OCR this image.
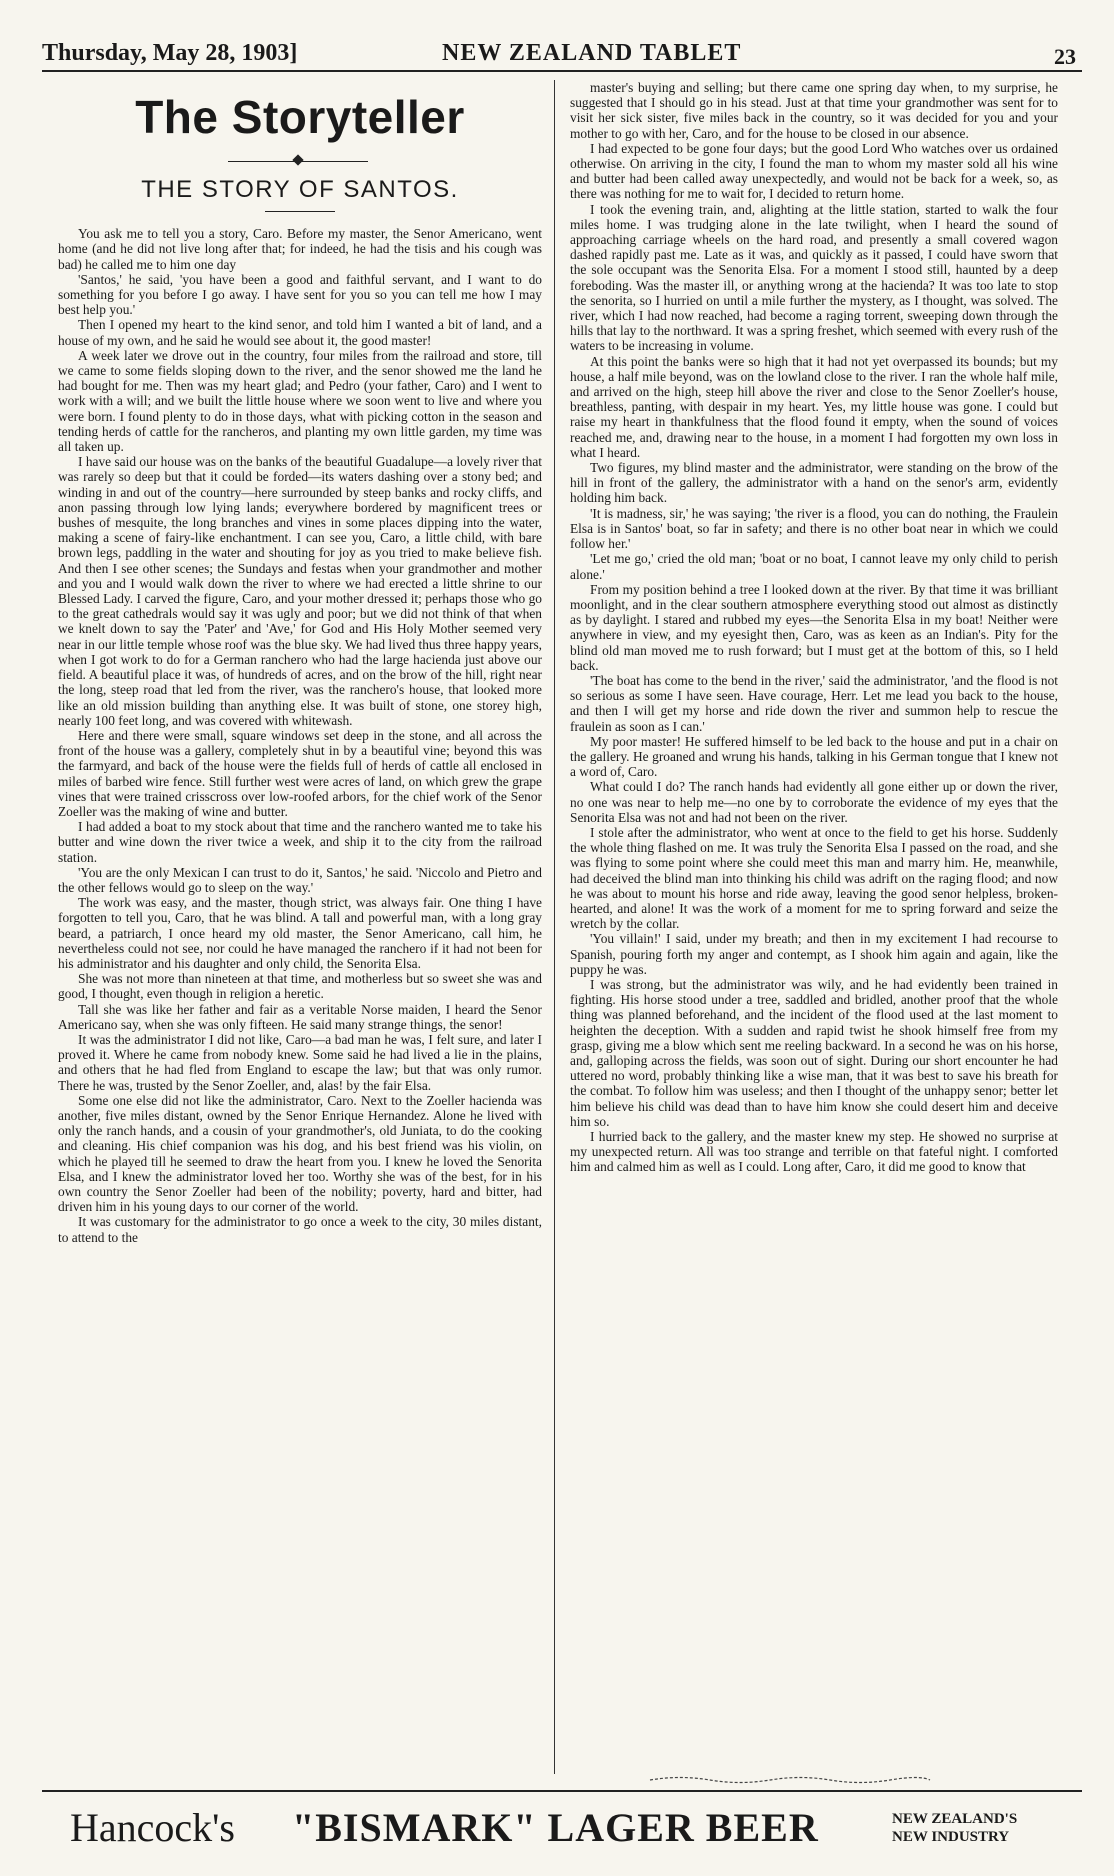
Thursday, May 28, 1903]	NEW ZEALAND TABLET	23
The Storyteller
THE STORY OF SANTOS.

You ask me to tell you a story, Caro. Before my master, the Senor Americano, went home (and he did not live long after that; for indeed, he had the tisis and his cough was bad) he called me to him one day

'Santos,' he said, 'you have been a good and faithful servant, and I want to do something for you before I go away. I have sent for you so you can tell me how I may best help you.'

Then I opened my heart to the kind senor, and told him I wanted a bit of land, and a house of my own, and he said he would see about it, the good master!

A week later we drove out in the country, four miles from the railroad and store, till we came to some fields sloping down to the river, and the senor showed me the land he had bought for me. Then was my heart glad; and Pedro (your father, Caro) and I went to work with a will; and we built the little house where we soon went to live and where you were born. I found plenty to do in those days, what with picking cotton in the season and tending herds of cattle for the rancheros, and planting my own little garden, my time was all taken up.

I have said our house was on the banks of the beautiful Guadalupe—a lovely river that was rarely so deep but that it could be forded—its waters dashing over a stony bed; and winding in and out of the country—here surrounded by steep banks and rocky cliffs, and anon passing through low lying lands; everywhere bordered by magnificent trees or bushes of mesquite, the long branches and vines in some places dipping into the water, making a scene of fairy-like enchantment. I can see you, Caro, a little child, with bare brown legs, paddling in the water and shouting for joy as you tried to make believe fish. And then I see other scenes; the Sundays and festas when your grandmother and mother and you and I would walk down the river to where we had erected a little shrine to our Blessed Lady. I carved the figure, Caro, and your mother dressed it; perhaps those who go to the great cathedrals would say it was ugly and poor; but we did not think of that when we knelt down to say the 'Pater' and 'Ave,' for God and His Holy Mother seemed very near in our little temple whose roof was the blue sky. We had lived thus three happy years, when I got work to do for a German ranchero who had the large hacienda just above our field. A beautiful place it was, of hundreds of acres, and on the brow of the hill, right near the long, steep road that led from the river, was the ranchero's house, that looked more like an old mission building than anything else. It was built of stone, one storey high, nearly 100 feet long, and was covered with whitewash.

Here and there were small, square windows set deep in the stone, and all across the front of the house was a gallery, completely shut in by a beautiful vine; beyond this was the farmyard, and back of the house were the fields full of herds of cattle all enclosed in miles of barbed wire fence. Still further west were acres of land, on which grew the grape vines that were trained crisscross over low-roofed arbors, for the chief work of the Senor Zoeller was the making of wine and butter.

I had added a boat to my stock about that time and the ranchero wanted me to take his butter and wine down the river twice a week, and ship it to the city from the railroad station.

'You are the only Mexican I can trust to do it, Santos,' he said. 'Niccolo and Pietro and the other fellows would go to sleep on the way.'

The work was easy, and the master, though strict, was always fair. One thing I have forgotten to tell you, Caro, that he was blind. A tall and powerful man, with a long gray beard, a patriarch, I once heard my old master, the Senor Americano, call him, he nevertheless could not see, nor could he have managed the ranchero if it had not been for his administrator and his daughter and only child, the Senorita Elsa.

She was not more than nineteen at that time, and motherless but so sweet she was and good, I thought, even though in religion a heretic.

Tall she was like her father and fair as a veritable Norse maiden, I heard the Senor Americano say, when she was only fifteen. He said many strange things, the senor!

It was the administrator I did not like, Caro—a bad man he was, I felt sure, and later I proved it. Where he came from nobody knew. Some said he had lived a lie in the plains, and others that he had fled from England to escape the law; but that was only rumor. There he was, trusted by the Senor Zoeller, and, alas! by the fair Elsa.

Some one else did not like the administrator, Caro. Next to the Zoeller hacienda was another, five miles distant, owned by the Senor Enrique Hernandez. Alone he lived with only the ranch hands, and a cousin of your grandmother's, old Juniata, to do the cooking and cleaning. His chief companion was his dog, and his best friend was his violin, on which he played till he seemed to draw the heart from you. I knew he loved the Senorita Elsa, and I knew the administrator loved her too. Worthy she was of the best, for in his own country the Senor Zoeller had been of the nobility; poverty, hard and bitter, had driven him in his young days to our corner of the world.

It was customary for the administrator to go once a week to the city, 30 miles distant, to attend to the

master's buying and selling; but there came one spring day when, to my surprise, he suggested that I should go in his stead. Just at that time your grandmother was sent for to visit her sick sister, five miles back in the country, so it was decided for you and your mother to go with her, Caro, and for the house to be closed in our absence.

I had expected to be gone four days; but the good Lord Who watches over us ordained otherwise. On arriving in the city, I found the man to whom my master sold all his wine and butter had been called away unexpectedly, and would not be back for a week, so, as there was nothing for me to wait for, I decided to return home.

I took the evening train, and, alighting at the little station, started to walk the four miles home. I was trudging alone in the late twilight, when I heard the sound of approaching carriage wheels on the hard road, and presently a small covered wagon dashed rapidly past me. Late as it was, and quickly as it passed, I could have sworn that the sole occupant was the Senorita Elsa. For a moment I stood still, haunted by a deep foreboding. Was the master ill, or anything wrong at the hacienda? It was too late to stop the senorita, so I hurried on until a mile further the mystery, as I thought, was solved. The river, which I had now reached, had become a raging torrent, sweeping down through the hills that lay to the northward. It was a spring freshet, which seemed with every rush of the waters to be increasing in volume.

At this point the banks were so high that it had not yet overpassed its bounds; but my house, a half mile beyond, was on the lowland close to the river. I ran the whole half mile, and arrived on the high, steep hill above the river and close to the Senor Zoeller's house, breathless, panting, with despair in my heart. Yes, my little house was gone. I could but raise my heart in thankfulness that the flood found it empty, when the sound of voices reached me, and, drawing near to the house, in a moment I had forgotten my own loss in what I heard.

Two figures, my blind master and the administrator, were standing on the brow of the hill in front of the gallery, the administrator with a hand on the senor's arm, evidently holding him back.

'It is madness, sir,' he was saying; 'the river is a flood, you can do nothing, the Fraulein Elsa is in Santos' boat, so far in safety; and there is no other boat near in which we could follow her.'

'Let me go,' cried the old man; 'boat or no boat, I cannot leave my only child to perish alone.'

From my position behind a tree I looked down at the river. By that time it was brilliant moonlight, and in the clear southern atmosphere everything stood out almost as distinctly as by daylight. I stared and rubbed my eyes—the Senorita Elsa in my boat! Neither were anywhere in view, and my eyesight then, Caro, was as keen as an Indian's. Pity for the blind old man moved me to rush forward; but I must get at the bottom of this, so I held back.

'The boat has come to the bend in the river,' said the administrator, 'and the flood is not so serious as some I have seen. Have courage, Herr. Let me lead you back to the house, and then I will get my horse and ride down the river and summon help to rescue the fraulein as soon as I can.'

My poor master! He suffered himself to be led back to the house and put in a chair on the gallery. He groaned and wrung his hands, talking in his German tongue that I knew not a word of, Caro.

What could I do? The ranch hands had evidently all gone either up or down the river, no one was near to help me—no one by to corroborate the evidence of my eyes that the Senorita Elsa was not and had not been on the river.

I stole after the administrator, who went at once to the field to get his horse. Suddenly the whole thing flashed on me. It was truly the Senorita Elsa I passed on the road, and she was flying to some point where she could meet this man and marry him. He, meanwhile, had deceived the blind man into thinking his child was adrift on the raging flood; and now he was about to mount his horse and ride away, leaving the good senor helpless, broken-hearted, and alone! It was the work of a moment for me to spring forward and seize the wretch by the collar.

'You villain!' I said, under my breath; and then in my excitement I had recourse to Spanish, pouring forth my anger and contempt, as I shook him again and again, like the puppy he was.

I was strong, but the administrator was wily, and he had evidently been trained in fighting. His horse stood under a tree, saddled and bridled, another proof that the whole thing was planned beforehand, and the incident of the flood used at the last moment to heighten the deception. With a sudden and rapid twist he shook himself free from my grasp, giving me a blow which sent me reeling backward. In a second he was on his horse, and, galloping across the fields, was soon out of sight. During our short encounter he had uttered no word, probably thinking like a wise man, that it was best to save his breath for the combat. To follow him was useless; and then I thought of the unhappy senor; better let him believe his child was dead than to have him know she could desert him and deceive him so.

I hurried back to the gallery, and the master knew my step. He showed no surprise at my unexpected return. All was too strange and terrible on that fateful night. I comforted him and calmed him as well as I could. Long after, Caro, it did me good to know that

Hancock's "BISMARK" LAGER BEER	NEW ZEALAND'S
NEW INDUSTRY
